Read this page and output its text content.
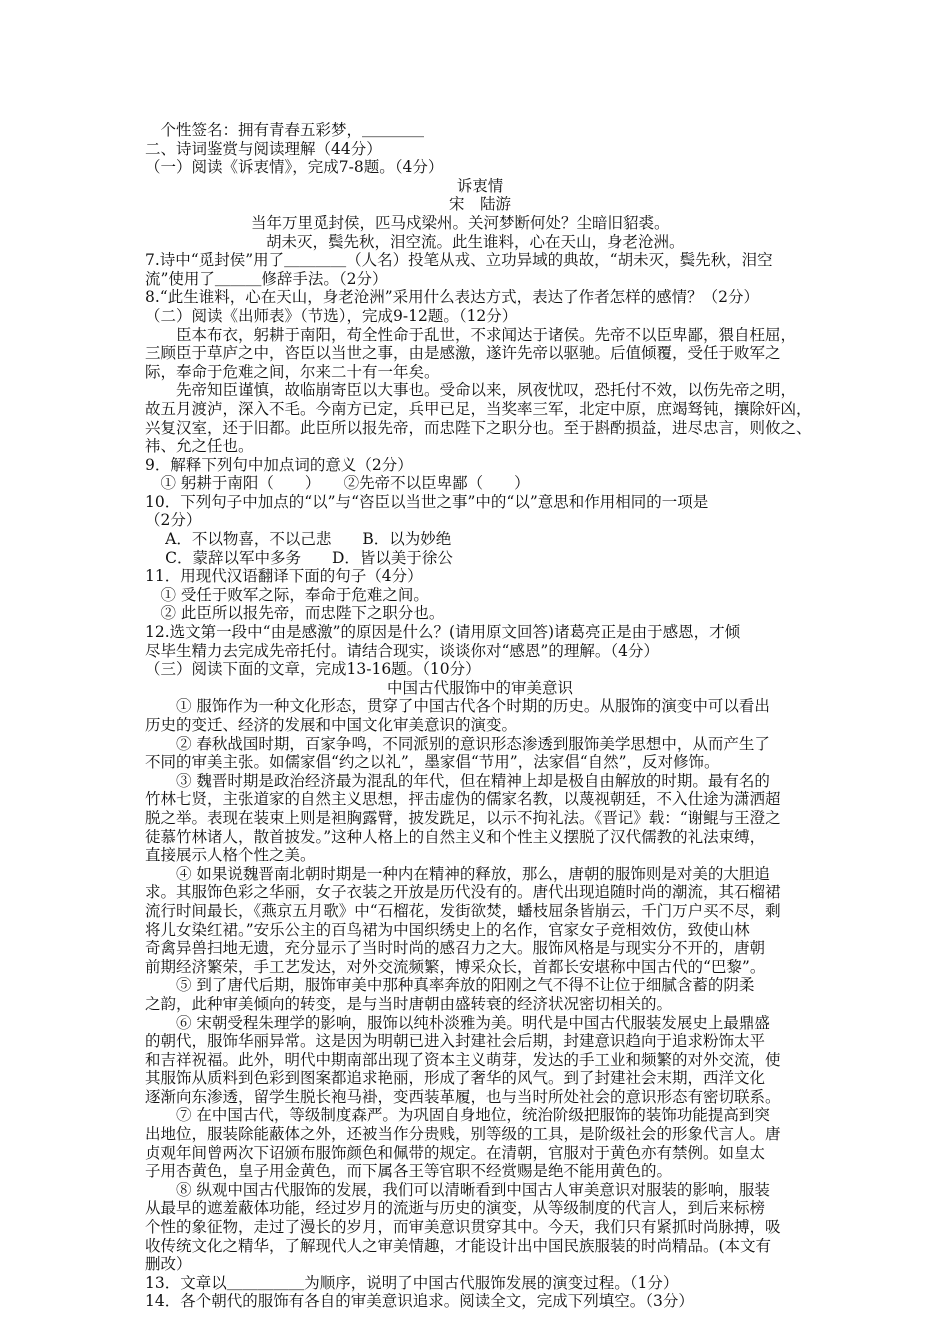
　个性签名：拥有青春五彩梦，＿＿＿＿
二、诗词鉴赏与阅读理解（44分）
（一）阅读《诉衷情》，完成7-8题。（4分）
诉衷情
宋　陆游
当年万里觅封侯，匹马戍梁州。关河梦断何处？尘暗旧貂裘。
胡未灭，鬓先秋，泪空流。此生谁料，心在天山，身老沧洲。
7.诗中“觅封侯”用了＿＿＿＿（人名）投笔从戎、立功异域的典故，“胡未灭，鬓先秋，泪空
流”使用了＿＿＿修辞手法。（2分）
8.“此生谁料，心在天山，身老沧洲”采用什么表达方式，表达了作者怎样的感情？（2分）
（二）阅读《出师表》（节选），完成9-12题。（12分）
臣本布衣，躬耕于南阳，苟全性命于乱世，不求闻达于诸侯。先帝不以臣卑鄙，猥自枉屈，
三顾臣于草庐之中，咨臣以当世之事，由是感激，遂许先帝以驱驰。后值倾覆，受任于败军之
际，奉命于危难之间，尔来二十有一年矣。
先帝知臣谨慎，故临崩寄臣以大事也。受命以来，夙夜忧叹，恐托付不效，以伤先帝之明，
故五月渡泸，深入不毛。今南方已定，兵甲已足，当奖率三军，北定中原，庶竭驽钝，攘除奸凶，
兴复汉室，还于旧都。此臣所以报先帝，而忠陛下之职分也。至于斟酌损益，进尽忠言，则攸之、
祎、允之任也。
9．解释下列句中加点词的意义（2分）
① 躬耕于南阳（　　）　　②先帝不以臣卑鄙（　　）
10．下列句子中加点的“以”与“咨臣以当世之事”中的“以”意思和作用相同的一项是
（2分）
A．不以物喜，不以己悲　　B．以为妙绝
C．蒙辞以军中多务　　D．皆以美于徐公
11．用现代汉语翻译下面的句子（4分）
① 受任于败军之际，奉命于危难之间。
② 此臣所以报先帝，而忠陛下之职分也。
12.选文第一段中“由是感激”的原因是什么？(请用原文回答)诸葛亮正是由于感恩，才倾
尽毕生精力去完成先帝托付。请结合现实，谈谈你对“感恩”的理解。（4分）
（三）阅读下面的文章，完成13-16题。（10分）
中国古代服饰中的审美意识
① 服饰作为一种文化形态，贯穿了中国古代各个时期的历史。从服饰的演变中可以看出
历史的变迁、经济的发展和中国文化审美意识的演变。
② 春秋战国时期，百家争鸣，不同派别的意识形态渗透到服饰美学思想中，从而产生了
不同的审美主张。如儒家倡“约之以礼”，墨家倡“节用”，法家倡“自然”，反对修饰。
③ 魏晋时期是政治经济最为混乱的年代，但在精神上却是极自由解放的时期。最有名的
竹林七贤，主张道家的自然主义思想，抨击虚伪的儒家名教，以蔑视朝廷，不入仕途为潇洒超
脱之举。表现在装束上则是袒胸露臂，披发跣足，以示不拘礼法。《晋记》载：“谢鲲与王澄之
徒慕竹林诸人，散首披发。”这种人格上的自然主义和个性主义摆脱了汉代儒教的礼法束缚，
直接展示人格个性之美。
④ 如果说魏晋南北朝时期是一种内在精神的释放，那么，唐朝的服饰则是对美的大胆追
求。其服饰色彩之华丽，女子衣装之开放是历代没有的。唐代出现追随时尚的潮流，其石榴裙
流行时间最长，《燕京五月歌》中“石榴花，发街欲焚，蟠枝屈条皆崩云，千门万户买不尽，剩
将儿女染红裙。”安乐公主的百鸟裙为中国织绣史上的名作，官家女子竞相效仿，致使山林
奇禽异兽扫地无遗，充分显示了当时时尚的感召力之大。服饰风格是与现实分不开的，唐朝
前期经济繁荣，手工艺发达，对外交流频繁，博采众长，首都长安堪称中国古代的“巴黎”。
⑤ 到了唐代后期，服饰审美中那种真率奔放的阳刚之气不得不让位于细腻含蓄的阴柔
之韵，此种审美倾向的转变，是与当时唐朝由盛转衰的经济状况密切相关的。
⑥ 宋朝受程朱理学的影响，服饰以纯朴淡雅为美。明代是中国古代服装发展史上最鼎盛
的朝代，服饰华丽异常。这是因为明朝已进入封建社会后期，封建意识趋向于追求粉饰太平
和吉祥祝福。此外，明代中期南部出现了资本主义萌芽，发达的手工业和频繁的对外交流，使
其服饰从质料到色彩到图案都追求艳丽，形成了奢华的风气。到了封建社会末期，西洋文化
逐渐向东渗透，留学生脱长袍马褂，变西装革履，也与当时所处社会的意识形态有密切联系。
⑦ 在中国古代，等级制度森严。为巩固自身地位，统治阶级把服饰的装饰功能提高到突
出地位，服装除能蔽体之外，还被当作分贵贱，别等级的工具，是阶级社会的形象代言人。唐
贞观年间曾两次下诏颁布服饰颜色和佩带的规定。在清朝，官服对于黄色亦有禁例。如皇太
子用杏黄色，皇子用金黄色，而下属各王等官职不经赏赐是绝不能用黄色的。
⑧ 纵观中国古代服饰的发展，我们可以清晰看到中国古人审美意识对服装的影响，服装
从最早的遮羞蔽体功能，经过岁月的流逝与历史的演变，从等级制度的代言人，到后来标榜
个性的象征物，走过了漫长的岁月，而审美意识贯穿其中。今天，我们只有紧抓时尚脉搏，吸
收传统文化之精华，了解现代人之审美情趣，才能设计出中国民族服装的时尚精品。(本文有
删改）
13．文章以＿＿＿＿＿为顺序，说明了中国古代服饰发展的演变过程。（1分）
14．各个朝代的服饰有各自的审美意识追求。阅读全文，完成下列填空。（3分）
